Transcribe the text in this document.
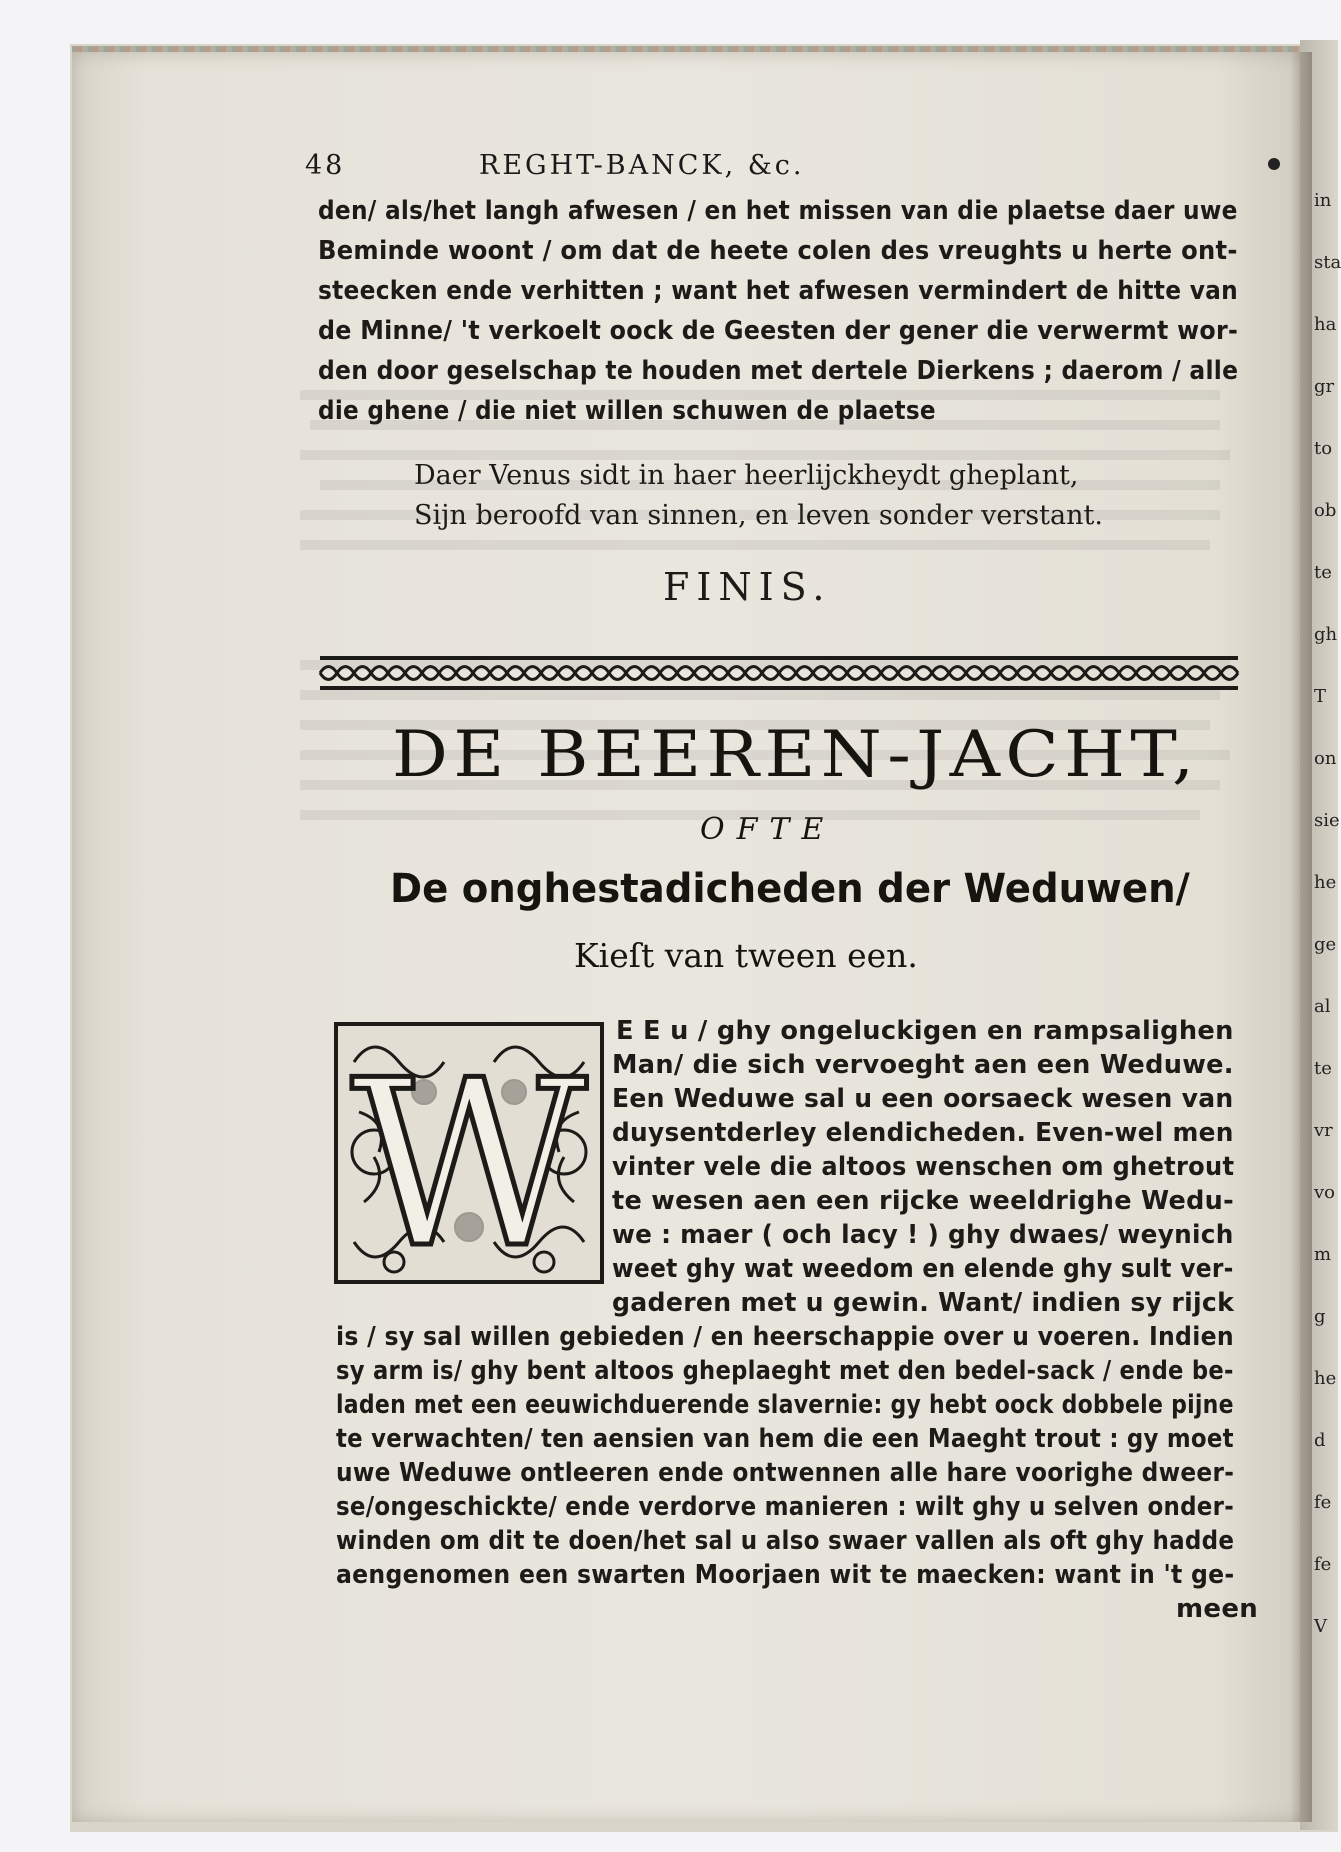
in
sta
ha
gr
to
ob
te
gh
T
on
sie
he
ge
al
te
vr
vo
m
g
he
d
fe
fe
V
48	REGHT-BANCK, &c.
den/ als/het langh afwesen / en het missen van die plaetse daer uwe
Beminde woont / om dat de heete colen des vreughts u herte ont-
steecken ende verhitten ; want het afwesen vermindert de hitte van
de Minne/ 't verkoelt oock de Geesten der gener die verwermt wor-
den door geselschap te houden met dertele Dierkens ; daerom / alle
die ghene / die niet willen schuwen de plaetse
Daer Venus sidt in haer heerlijckheydt gheplant,
Sijn beroofd van sinnen, en leven sonder verstant.
FINIS.
DE BEEREN-JACHT,
OFTE
De onghestadicheden der Weduwen/
Kieſt van tween een.
W
E E u / ghy ongeluckigen en rampsalighen
Man/ die sich vervoeght aen een Weduwe.
Een Weduwe sal u een oorsaeck wesen van
duysentderley elendicheden. Even-wel men
vinter vele die altoos wenschen om ghetrout
te wesen aen een rijcke weeldrighe Wedu-
we : maer ( och lacy ! ) ghy dwaes/ weynich
weet ghy wat weedom en elende ghy sult ver-
gaderen met u gewin. Want/ indien sy rijck
is / sy sal willen gebieden / en heerschappie over u voeren. Indien
sy arm is/ ghy bent altoos gheplaeght met den bedel-sack / ende be-
laden met een eeuwichduerende slavernie: gy hebt oock dobbele pijne
te verwachten/ ten aensien van hem die een Maeght trout : gy moet
uwe Weduwe ontleeren ende ontwennen alle hare voorighe dweer-
se/ongeschickte/ ende verdorve manieren : wilt ghy u selven onder-
winden om dit te doen/het sal u also swaer vallen als oft ghy hadde
aengenomen een swarten Moorjaen wit te maecken: want in 't ge-
meen
